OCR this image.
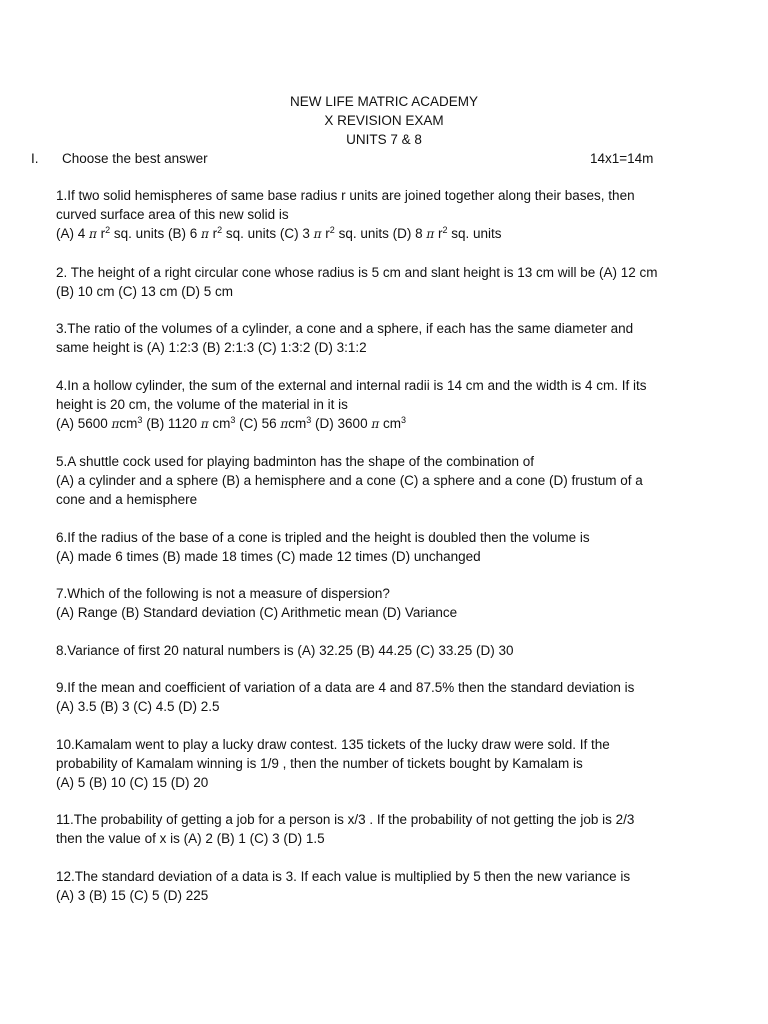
NEW LIFE MATRIC ACADEMY
X REVISION EXAM
UNITS 7 & 8
I. Choose the best answer	14x1=14m

1.If two solid hemispheres of same base radius r units are joined together along their bases, then

curved surface area of this new solid is

(A) 4 π $r^2$ sq. units (B) 6 π $r^2$ sq. units (C) 3 π $r^2$ sq. units (D) 8 π $r^2$ sq. units

2. The height of a right circular cone whose radius is 5 cm and slant height is 13 cm will be (A) 12 cm

(B) 10 cm (C) 13 cm (D) 5 cm

3.The ratio of the volumes of a cylinder, a cone and a sphere, if each has the same diameter and

same height is (A) 1:2:3 (B) 2:1:3 (C) 1:3:2 (D) 3:1:2

4.In a hollow cylinder, the sum of the external and internal radii is 14 cm and the width is 4 cm. If its

height is 20 cm, the volume of the material in it is

(A) 5600 πcm$^3$ (B) 1120 π $cm^3$ (C) 56 πcm$^3$ (D) 3600 π $cm^3$

5.A shuttle cock used for playing badminton has the shape of the combination of

(A) a cylinder and a sphere (B) a hemisphere and a cone (C) a sphere and a cone (D) frustum of a

cone and a hemisphere

6.If the radius of the base of a cone is tripled and the height is doubled then the volume is

(A) made 6 times (B) made 18 times (C) made 12 times (D) unchanged

7.Which of the following is not a measure of dispersion?

(A) Range (B) Standard deviation (C) Arithmetic mean (D) Variance

8.Variance of first 20 natural numbers is (A) 32.25 (B) 44.25 (C) 33.25 (D) 30

9.If the mean and coefficient of variation of a data are 4 and 87.5% then the standard deviation is

(A) 3.5 (B) 3 (C) 4.5 (D) 2.5

10.Kamalam went to play a lucky draw contest. 135 tickets of the lucky draw were sold. If the

probability of Kamalam winning is 1/9 , then the number of tickets bought by Kamalam is

(A) 5 (B) 10 (C) 15 (D) 20

11.The probability of getting a job for a person is x/3 . If the probability of not getting the job is 2/3

then the value of x is (A) 2 (B) 1 (C) 3 (D) 1.5

12.The standard deviation of a data is 3. If each value is multiplied by 5 then the new variance is

(A) 3 (B) 15 (C) 5 (D) 225
